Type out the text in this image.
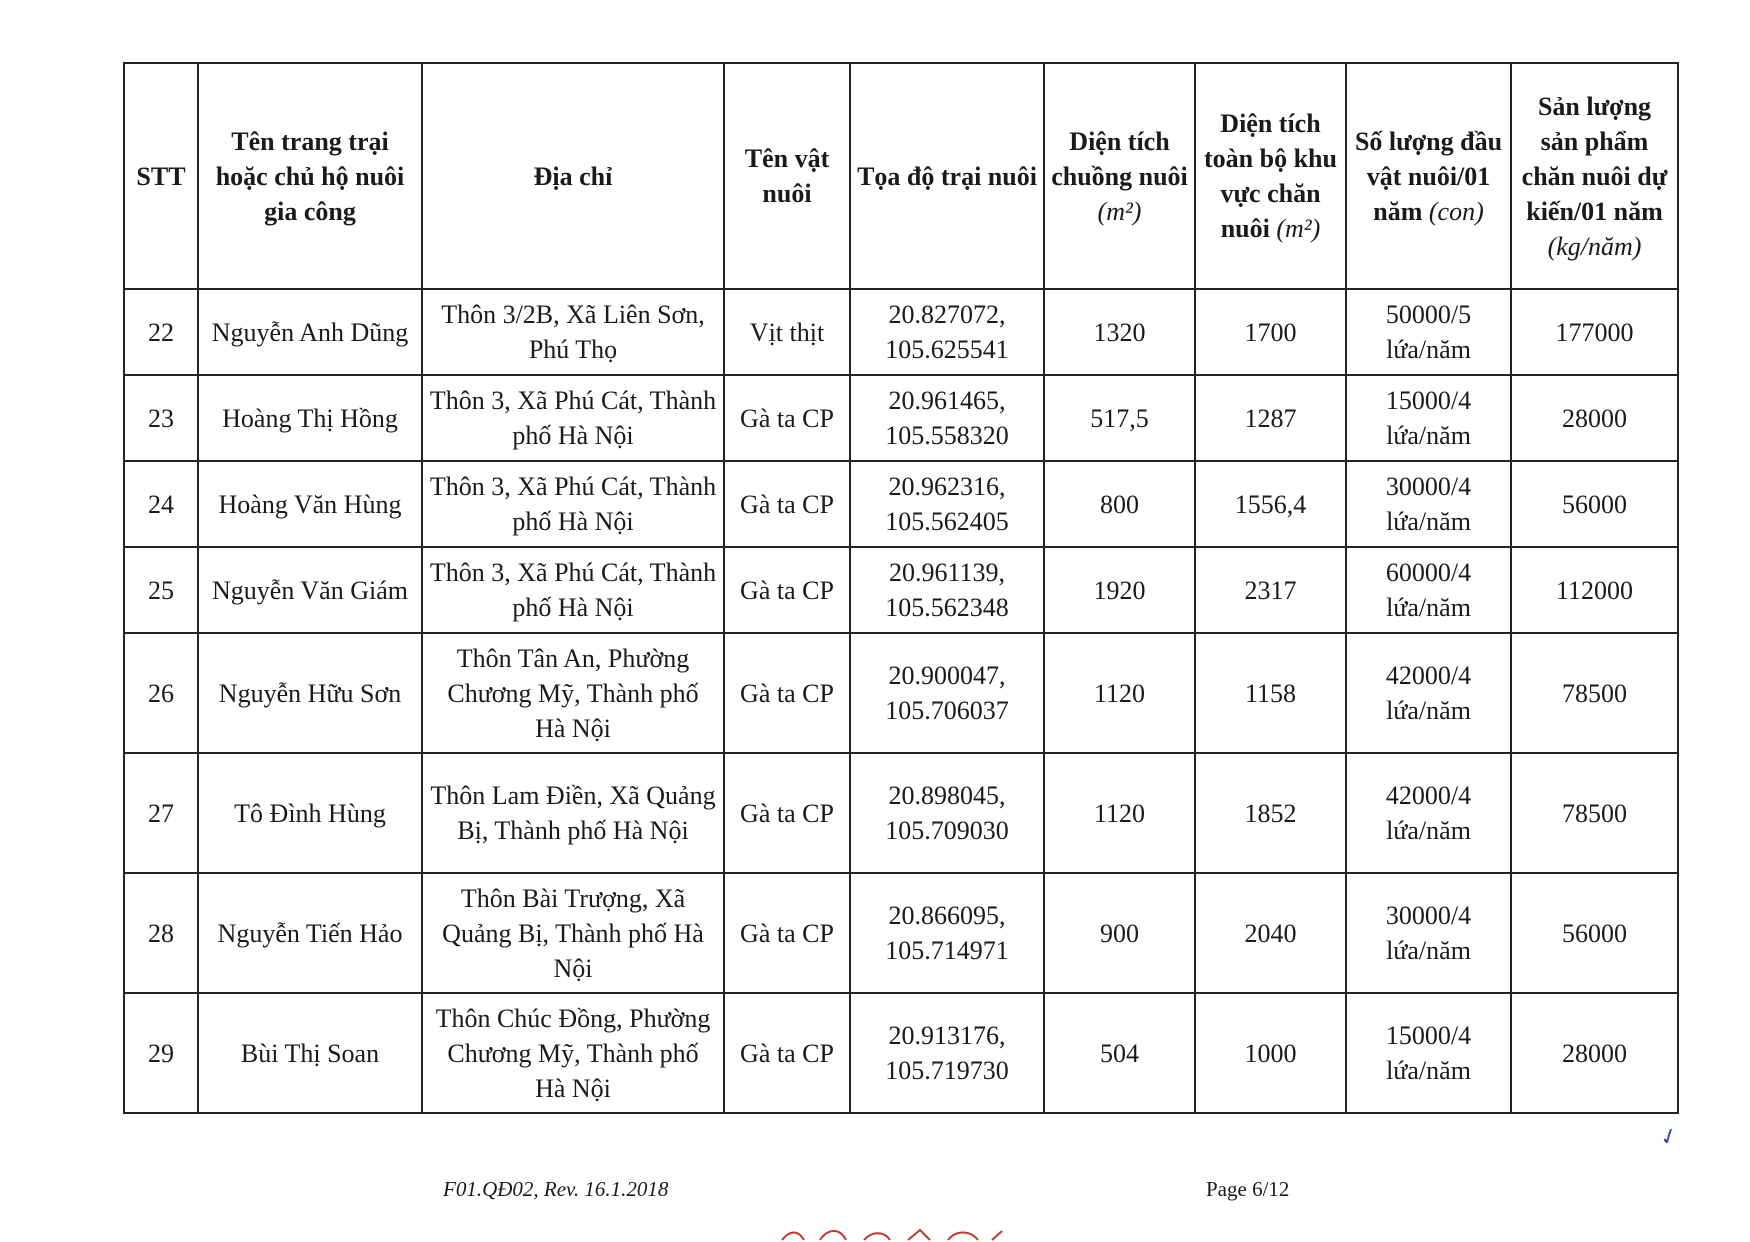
STT	Tên trang trại hoặc chủ hộ nuôi gia công	Địa chỉ	Tên vật nuôi	Tọa độ trại nuôi	Diện tích chuồng nuôi (m²)	Diện tích toàn bộ khu vực chăn nuôi (m²)	Số lượng đầu vật nuôi/01 năm (con)	Sản lượng sản phẩm chăn nuôi dự kiến/01 năm (kg/năm)
22	Nguyễn Anh Dũng	Thôn 3/2B, Xã Liên Sơn, Phú Thọ	Vịt thịt	20.827072, 105.625541	1320	1700	50000/5 lứa/năm	177000
23	Hoàng Thị Hồng	Thôn 3, Xã Phú Cát, Thành phố Hà Nội	Gà ta CP	20.961465, 105.558320	517,5	1287	15000/4 lứa/năm	28000
24	Hoàng Văn Hùng	Thôn 3, Xã Phú Cát, Thành phố Hà Nội	Gà ta CP	20.962316, 105.562405	800	1556,4	30000/4 lứa/năm	56000
25	Nguyễn Văn Giám	Thôn 3, Xã Phú Cát, Thành phố Hà Nội	Gà ta CP	20.961139, 105.562348	1920	2317	60000/4 lứa/năm	112000
26	Nguyễn Hữu Sơn	Thôn Tân An, Phường Chương Mỹ, Thành phố Hà Nội	Gà ta CP	20.900047, 105.706037	1120	1158	42000/4 lứa/năm	78500
27	Tô Đình Hùng	Thôn Lam Điền, Xã Quảng Bị, Thành phố Hà Nội	Gà ta CP	20.898045, 105.709030	1120	1852	42000/4 lứa/năm	78500
28	Nguyễn Tiến Hảo	Thôn Bài Trượng, Xã Quảng Bị, Thành phố Hà Nội	Gà ta CP	20.866095, 105.714971	900	2040	30000/4 lứa/năm	56000
29	Bùi Thị Soan	Thôn Chúc Đồng, Phường Chương Mỹ, Thành phố Hà Nội	Gà ta CP	20.913176, 105.719730	504	1000	15000/4 lứa/năm	28000
✓
F01.QĐ02, Rev. 16.1.2018	Page 6/12
